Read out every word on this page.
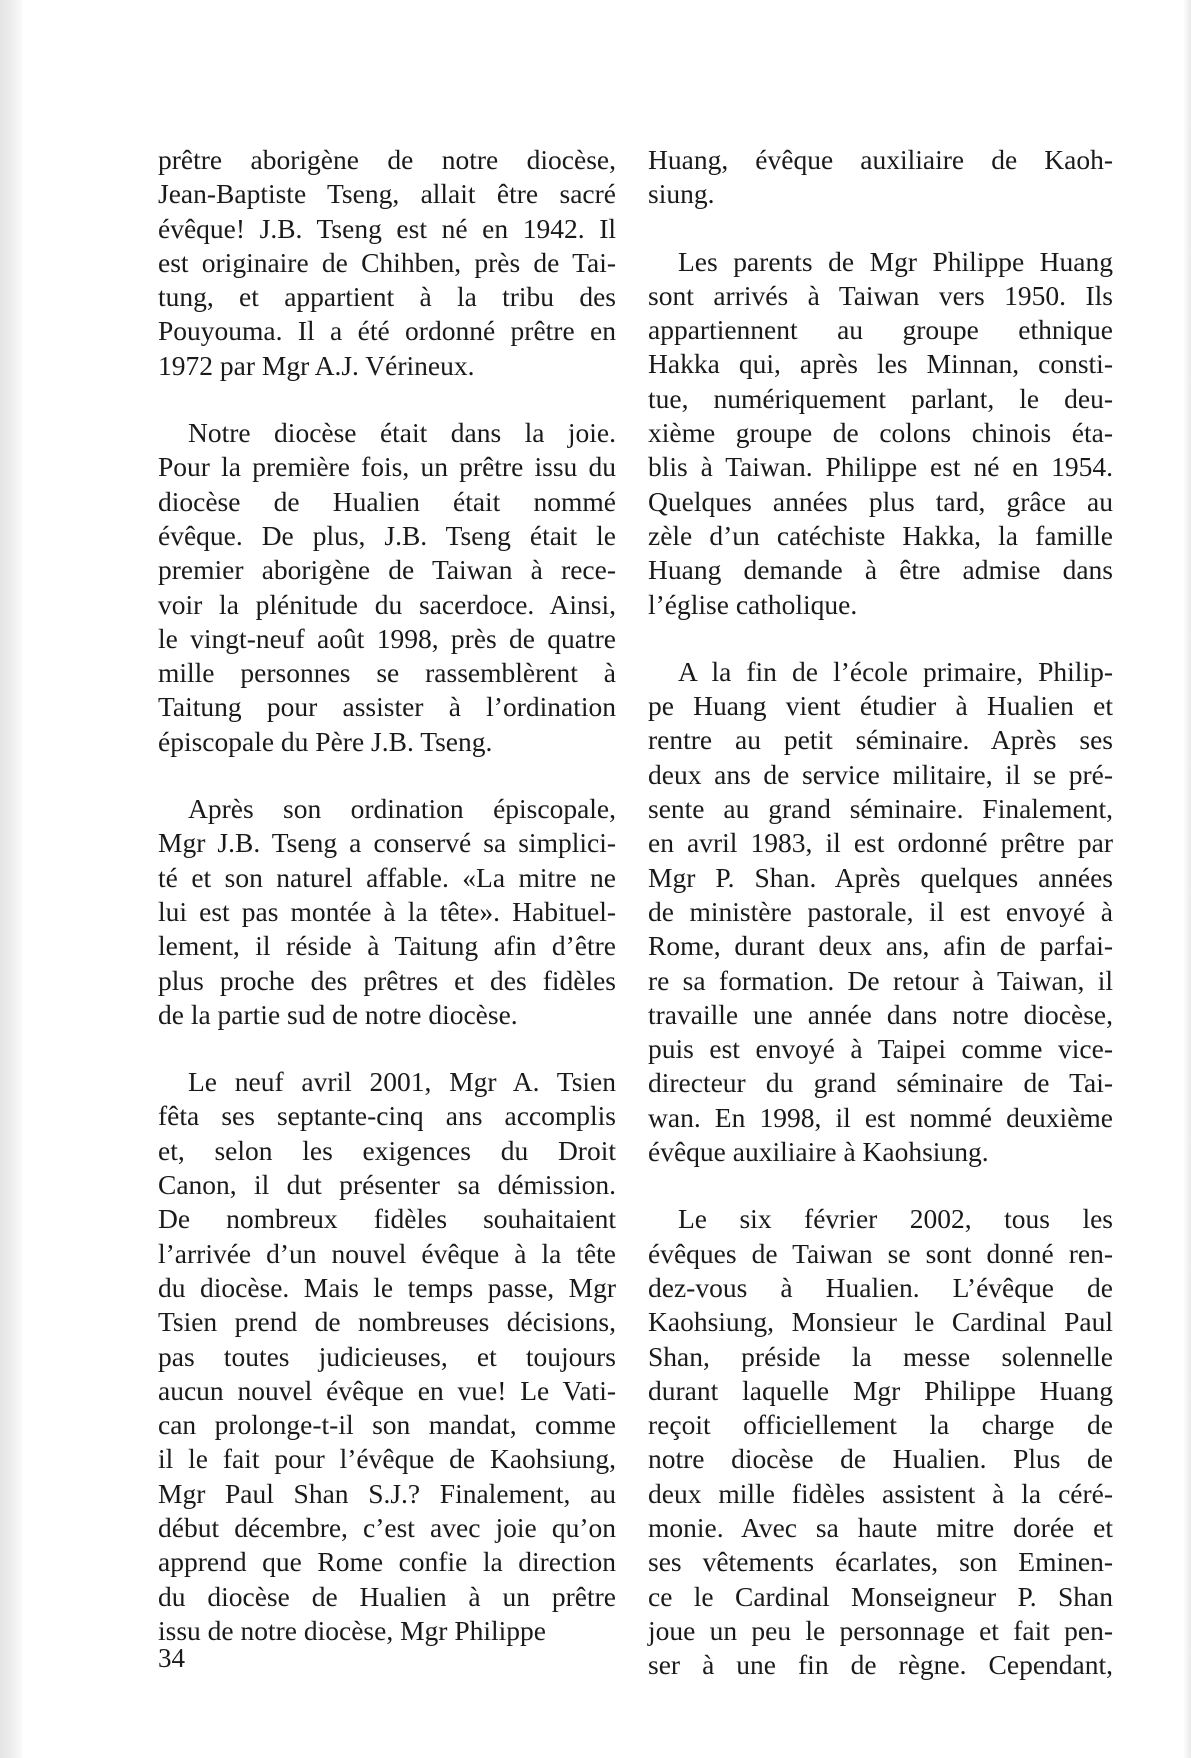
prêtre aborigène de notre diocèse,
Jean-Baptiste Tseng, allait être sacré
évêque! J.B. Tseng est né en 1942. Il
est originaire de Chihben, près de Tai-
tung, et appartient à la tribu des
Pouyouma. Il a été ordonné prêtre en
1972 par Mgr A.J. Vérineux.
Notre diocèse était dans la joie.
Pour la première fois, un prêtre issu du
diocèse de Hualien était nommé
évêque. De plus, J.B. Tseng était le
premier aborigène de Taiwan à rece-
voir la plénitude du sacerdoce. Ainsi,
le vingt-neuf août 1998, près de quatre
mille personnes se rassemblèrent à
Taitung pour assister à l’ordination
épiscopale du Père J.B. Tseng.
Après son ordination épiscopale,
Mgr J.B. Tseng a conservé sa simplici-
té et son naturel affable. «La mitre ne
lui est pas montée à la tête». Habituel-
lement, il réside à Taitung afin d’être
plus proche des prêtres et des fidèles
de la partie sud de notre diocèse.
Le neuf avril 2001, Mgr A. Tsien
fêta ses septante-cinq ans accomplis
et, selon les exigences du Droit
Canon, il dut présenter sa démission.
De nombreux fidèles souhaitaient
l’arrivée d’un nouvel évêque à la tête
du diocèse. Mais le temps passe, Mgr
Tsien prend de nombreuses décisions,
pas toutes judicieuses, et toujours
aucun nouvel évêque en vue! Le Vati-
can prolonge-t-il son mandat, comme
il le fait pour l’évêque de Kaohsiung,
Mgr Paul Shan S.J.? Finalement, au
début décembre, c’est avec joie qu’on
apprend que Rome confie la direction
du diocèse de Hualien à un prêtre
issu de notre diocèse, Mgr Philippe
Huang, évêque auxiliaire de Kaoh-
siung.
Les parents de Mgr Philippe Huang
sont arrivés à Taiwan vers 1950. Ils
appartiennent au groupe ethnique
Hakka qui, après les Minnan, consti-
tue, numériquement parlant, le deu-
xième groupe de colons chinois éta-
blis à Taiwan. Philippe est né en 1954.
Quelques années plus tard, grâce au
zèle d’un catéchiste Hakka, la famille
Huang demande à être admise dans
l’église catholique.
A la fin de l’école primaire, Philip-
pe Huang vient étudier à Hualien et
rentre au petit séminaire. Après ses
deux ans de service militaire, il se pré-
sente au grand séminaire. Finalement,
en avril 1983, il est ordonné prêtre par
Mgr P. Shan. Après quelques années
de ministère pastorale, il est envoyé à
Rome, durant deux ans, afin de parfai-
re sa formation. De retour à Taiwan, il
travaille une année dans notre diocèse,
puis est envoyé à Taipei comme vice-
directeur du grand séminaire de Tai-
wan. En 1998, il est nommé deuxième
évêque auxiliaire à Kaohsiung.
Le six février 2002, tous les
évêques de Taiwan se sont donné ren-
dez-vous à Hualien. L’évêque de
Kaohsiung, Monsieur le Cardinal Paul
Shan, préside la messe solennelle
durant laquelle Mgr Philippe Huang
reçoit officiellement la charge de
notre diocèse de Hualien. Plus de
deux mille fidèles assistent à la céré-
monie. Avec sa haute mitre dorée et
ses vêtements écarlates, son Eminen-
ce le Cardinal Monseigneur P. Shan
joue un peu le personnage et fait pen-
ser à une fin de règne. Cependant,
34
